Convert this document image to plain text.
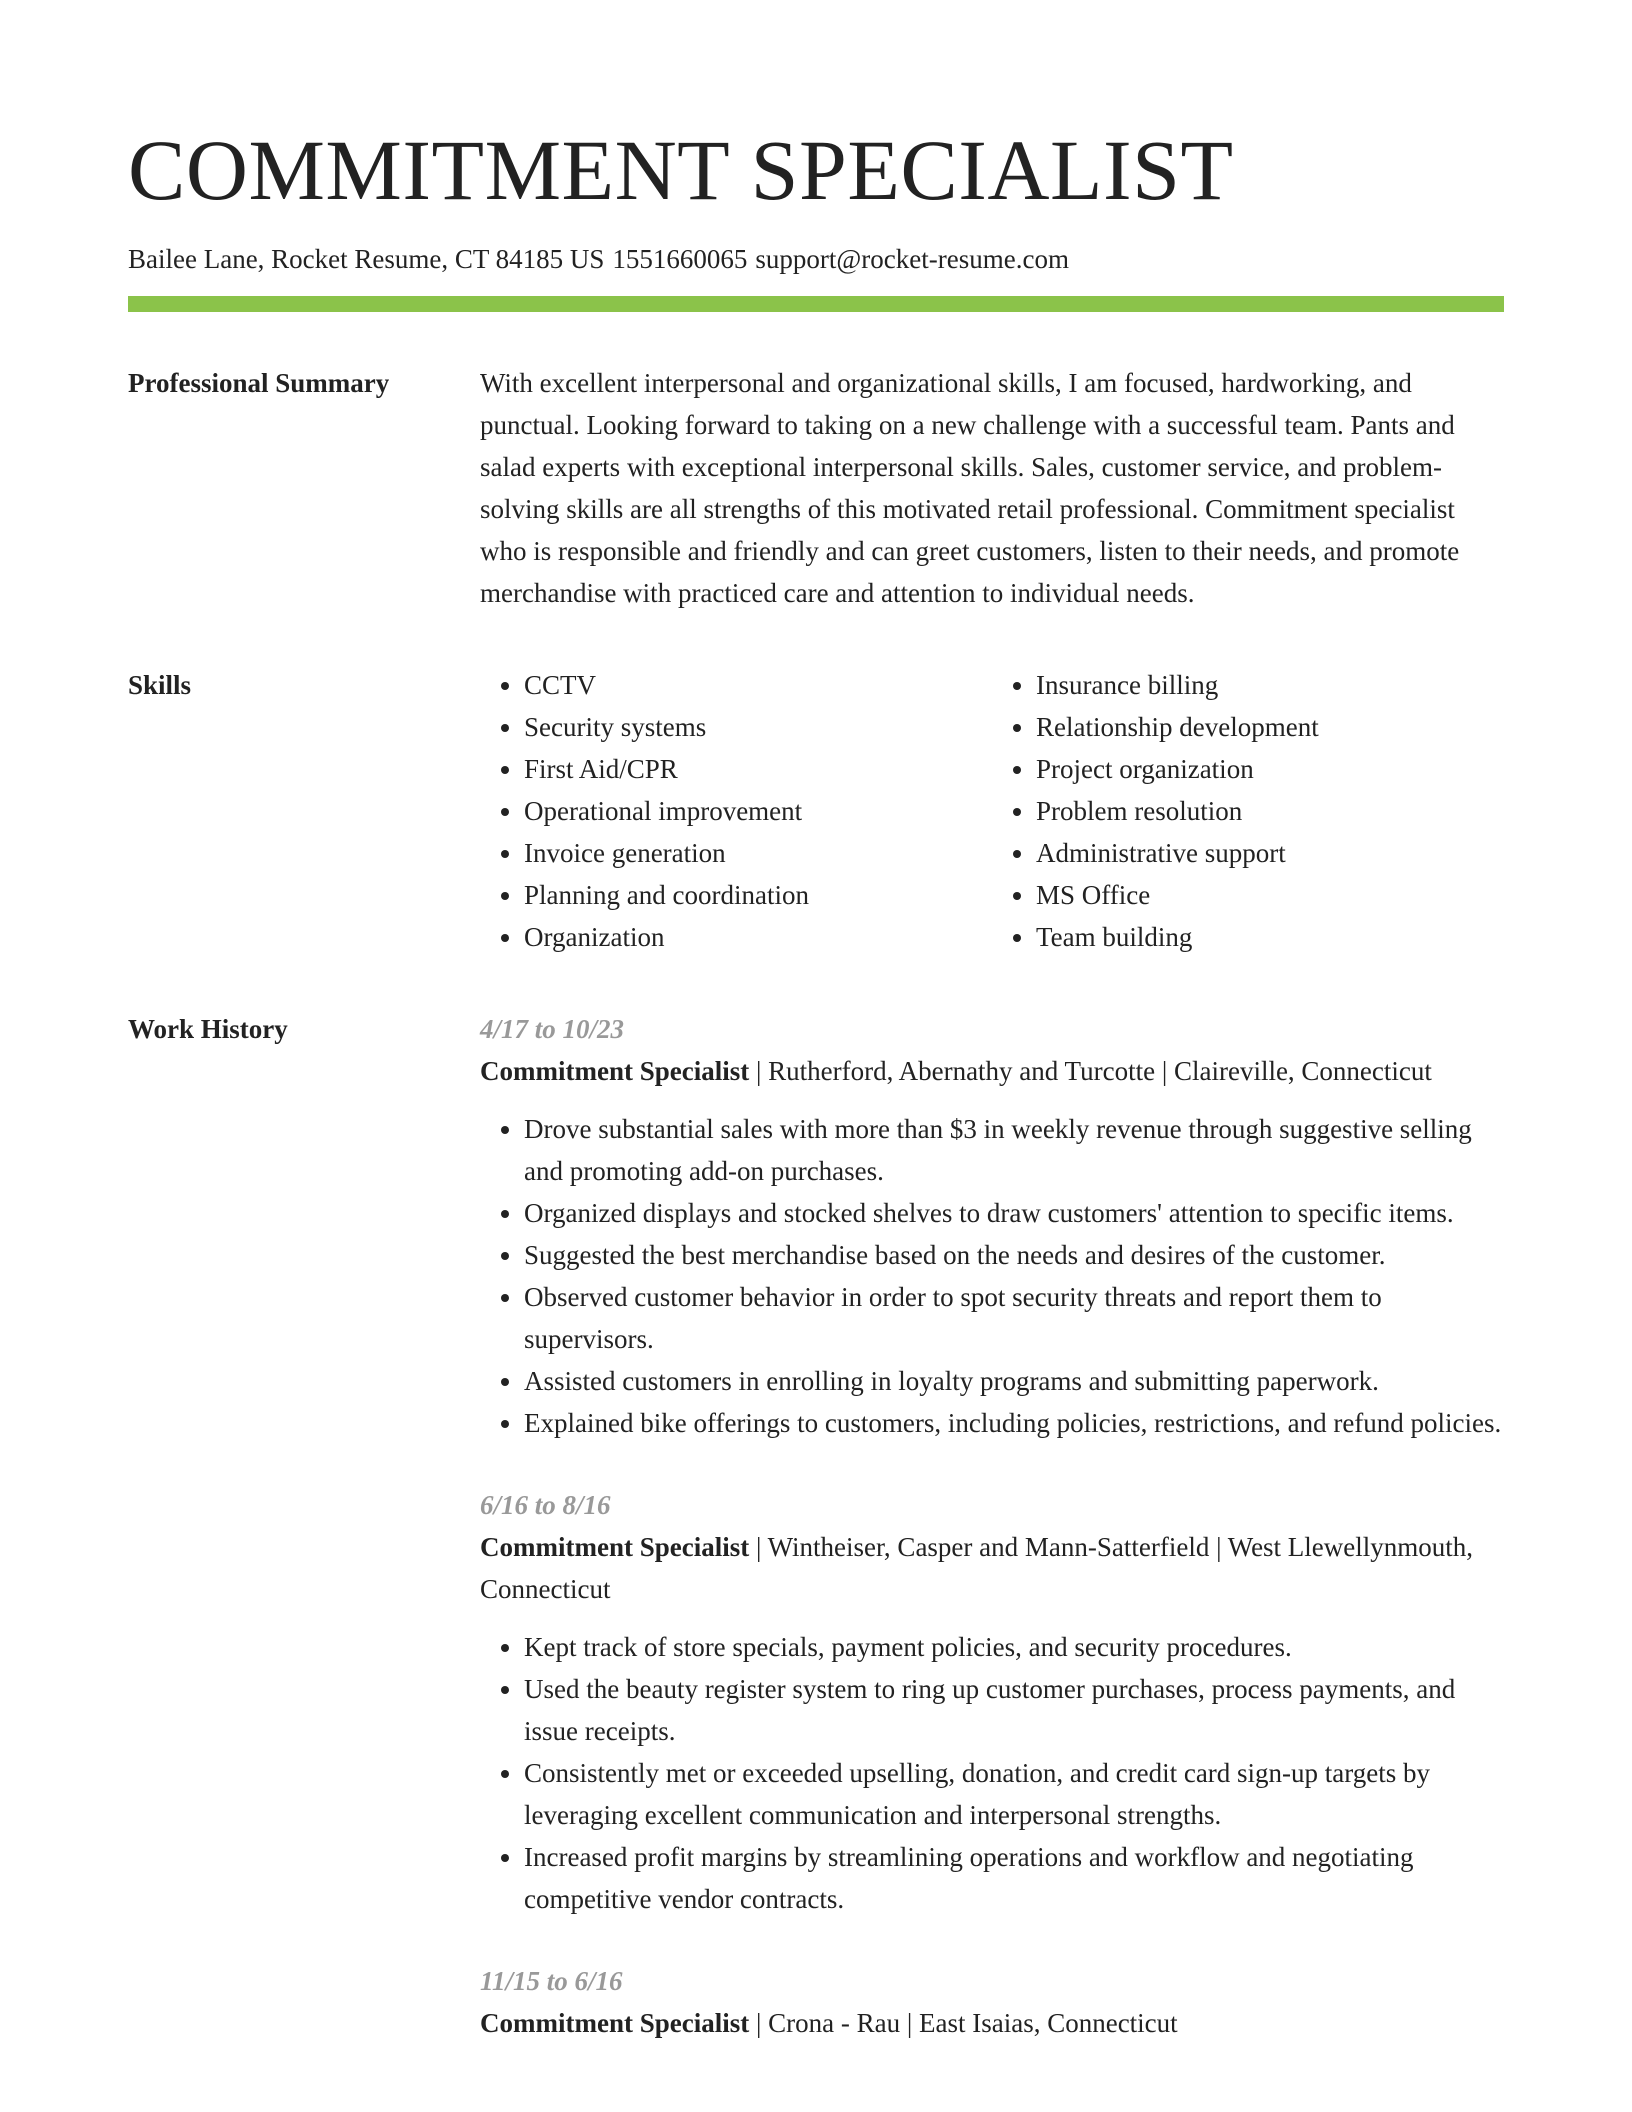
COMMITMENT SPECIALIST
Bailee Lane, Rocket Resume, CT 84185 US 1551660065 support@rocket-resume.com
Professional Summary	With excellent interpersonal and organizational skills, I am focused, hardworking, and punctual. Looking forward to taking on a new challenge with a successful team. Pants and salad experts with exceptional interpersonal skills. Sales, customer service, and problem-solving skills are all strengths of this motivated retail professional. Commitment specialist who is responsible and friendly and can greet customers, listen to their needs, and promote merchandise with practiced care and attention to individual needs.

Skills
•	CCTV
• Security systems
• First Aid/CPR
• Operational improvement
• Invoice generation
• Planning and coordination
• Organization
• Insurance billing
• Relationship development
• Project organization
• Problem resolution
• Administrative support
• MS Office
• Team building
Work History	4/17 to 10/23
Commitment Specialist | Rutherford, Abernathy and Turcotte | Claireville, Connecticut
• Drove substantial sales with more than $3 in weekly revenue through suggestive selling and promoting add-on purchases.
• Organized displays and stocked shelves to draw customers' attention to specific items.
• Suggested the best merchandise based on the needs and desires of the customer.
• Observed customer behavior in order to spot security threats and report them to supervisors.
• Assisted customers in enrolling in loyalty programs and submitting paperwork.
• Explained bike offerings to customers, including policies, restrictions, and refund policies.
6/16 to 8/16
Commitment Specialist | Wintheiser, Casper and Mann-Satterfield | West Llewellynmouth, Connecticut
• Kept track of store specials, payment policies, and security procedures.
• Used the beauty register system to ring up customer purchases, process payments, and issue receipts.
• Consistently met or exceeded upselling, donation, and credit card sign-up targets by leveraging excellent communication and interpersonal strengths.
• Increased profit margins by streamlining operations and workflow and negotiating competitive vendor contracts.
11/15 to 6/16
Commitment Specialist | Crona - Rau | East Isaias, Connecticut
